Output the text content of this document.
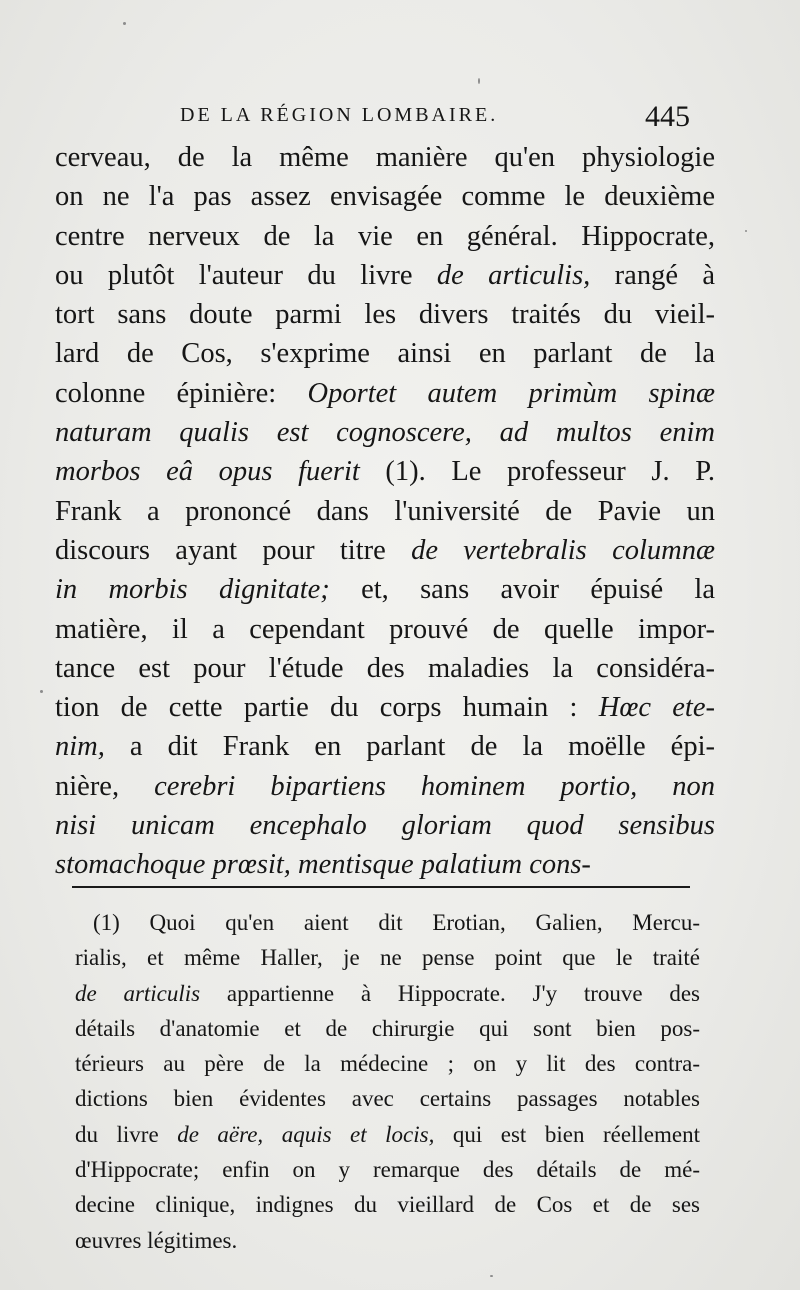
DE LA RÉGION LOMBAIRE.	445
cerveau, de la même manière qu'en physiologie
on ne l'a pas assez envisagée comme le deuxième
centre nerveux de la vie en général. Hippocrate,
ou plutôt l'auteur du livre de articulis, rangé à
tort sans doute parmi les divers traités du vieil-
lard de Cos, s'exprime ainsi en parlant de la
colonne épinière: Oportet autem primùm spinæ
naturam qualis est cognoscere, ad multos enim
morbos eâ opus fuerit (1). Le professeur J. P.
Frank a prononcé dans l'université de Pavie un
discours ayant pour titre de vertebralis columnæ
in morbis dignitate; et, sans avoir épuisé la
matière, il a cependant prouvé de quelle impor-
tance est pour l'étude des maladies la considéra-
tion de cette partie du corps humain : Hœc ete-
nim, a dit Frank en parlant de la moëlle épi-
nière, cerebri bipartiens hominem portio, non
nisi unicam encephalo gloriam quod sensibus
stomachoque prœsit, mentisque palatium cons-
(1) Quoi qu'en aient dit Erotian, Galien, Mercu-
rialis, et même Haller, je ne pense point que le traité
de articulis appartienne à Hippocrate. J'y trouve des
détails d'anatomie et de chirurgie qui sont bien pos-
térieurs au père de la médecine ; on y lit des contra-
dictions bien évidentes avec certains passages notables
du livre de aëre, aquis et locis, qui est bien réellement
d'Hippocrate; enfin on y remarque des détails de mé-
decine clinique, indignes du vieillard de Cos et de ses
œuvres légitimes.
